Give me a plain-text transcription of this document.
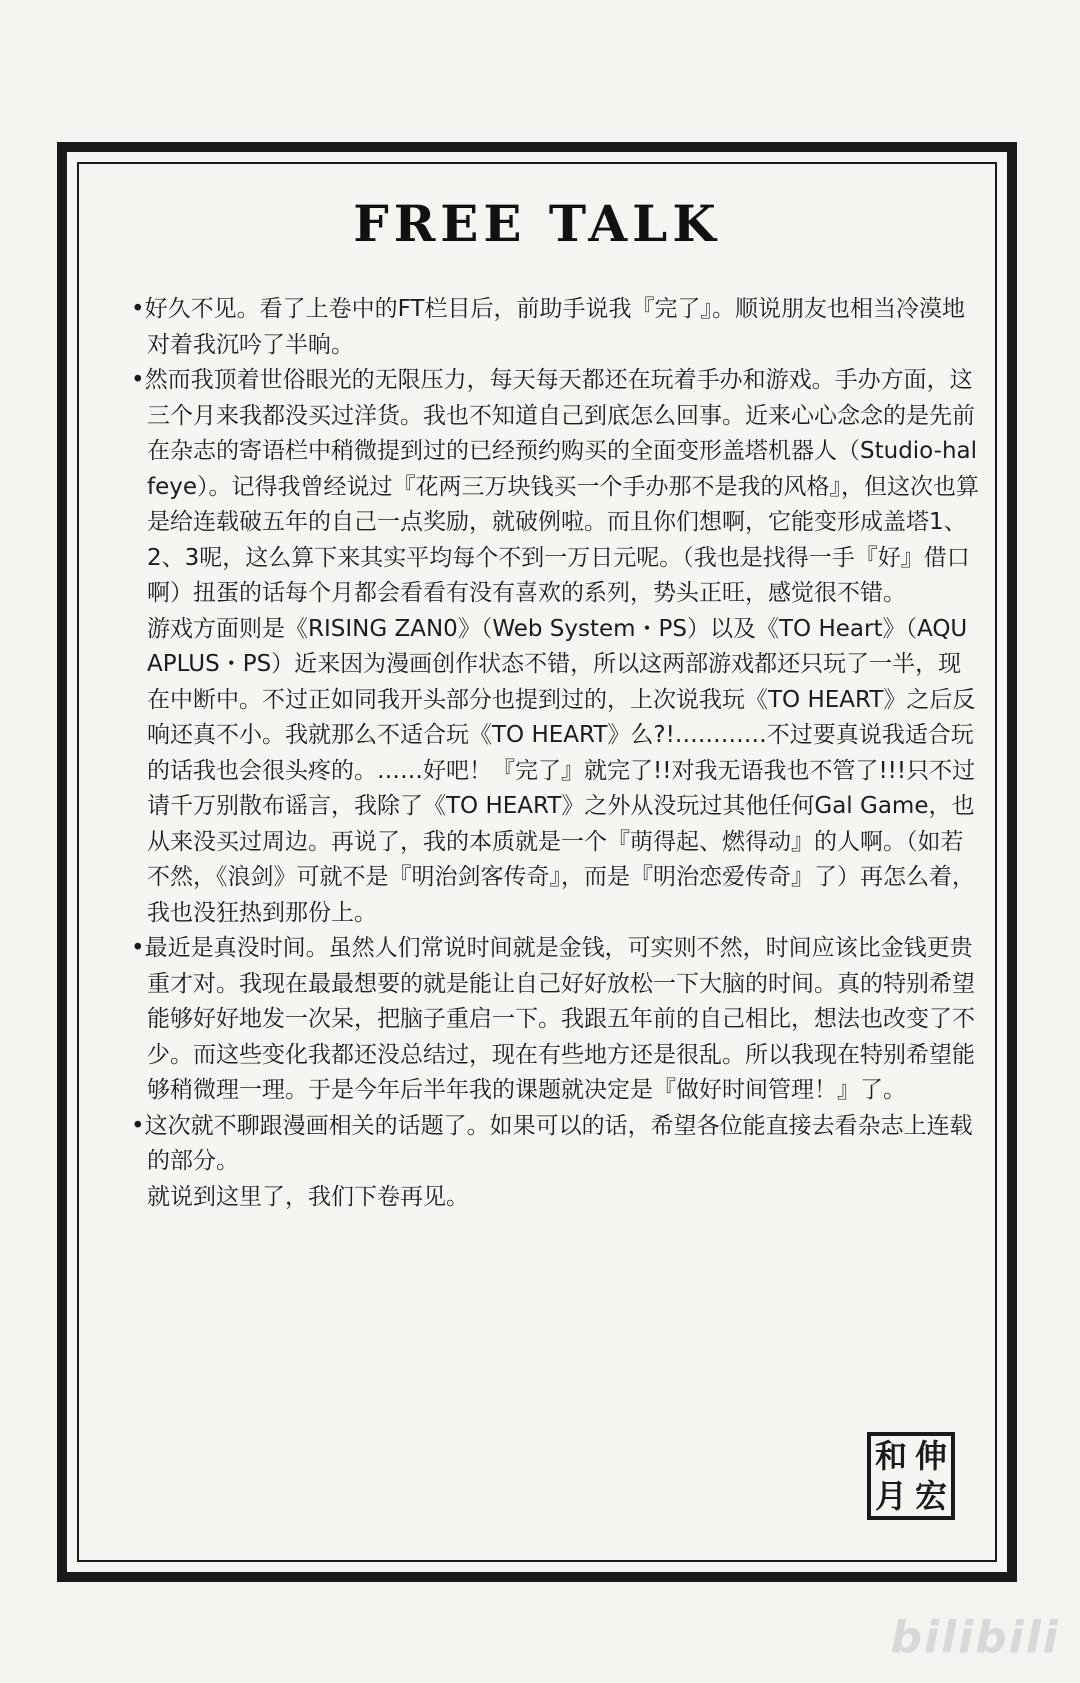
FREE TALK

•好久不见。看了上卷中的FT栏目后，前助手说我『完了』。顺说朋友也相当冷漠地对着我沉吟了半晌。

•然而我顶着世俗眼光的无限压力，每天每天都还在玩着手办和游戏。手办方面，这三个月来我都没买过洋货。我也不知道自己到底怎么回事。近来心心念念的是先前在杂志的寄语栏中稍微提到过的已经预约购买的全面变形盖塔机器人（Studio-halfeye）。记得我曾经说过『花两三万块钱买一个手办那不是我的风格』，但这次也算是给连载破五年的自己一点奖励，就破例啦。而且你们想啊，它能变形成盖塔1、2、3呢，这么算下来其实平均每个不到一万日元呢。（我也是找得一手『好』借口啊）扭蛋的话每个月都会看看有没有喜欢的系列，势头正旺，感觉很不错。

游戏方面则是《RISING ZAN0》（Web System・PS）以及《TO Heart》（AQUAPLUS・PS）近来因为漫画创作状态不错，所以这两部游戏都还只玩了一半，现在中断中。不过正如同我开头部分也提到过的，上次说我玩《TO HEART》之后反响还真不小。我就那么不适合玩《TO HEART》么?!…………不过要真说我适合玩的话我也会很头疼的。……好吧！『完了』就完了!!对我无语我也不管了!!!只不过请千万别散布谣言，我除了《TO HEART》之外从没玩过其他任何Gal Game，也从来没买过周边。再说了，我的本质就是一个『萌得起、燃得动』的人啊。（如若不然，《浪剑》可就不是『明治剑客传奇』，而是『明治恋爱传奇』了）再怎么着，我也没狂热到那份上。

•最近是真没时间。虽然人们常说时间就是金钱，可实则不然，时间应该比金钱更贵重才对。我现在最最想要的就是能让自己好好放松一下大脑的时间。真的特别希望能够好好地发一次呆，把脑子重启一下。我跟五年前的自己相比，想法也改变了不少。而这些变化我都还没总结过，现在有些地方还是很乱。所以我现在特别希望能够稍微理一理。于是今年后半年我的课题就决定是『做好时间管理！』了。

•这次就不聊跟漫画相关的话题了。如果可以的话，希望各位能直接去看杂志上连载的部分。

就说到这里了，我们下卷再见。

和 伸
月 宏
bilibili
